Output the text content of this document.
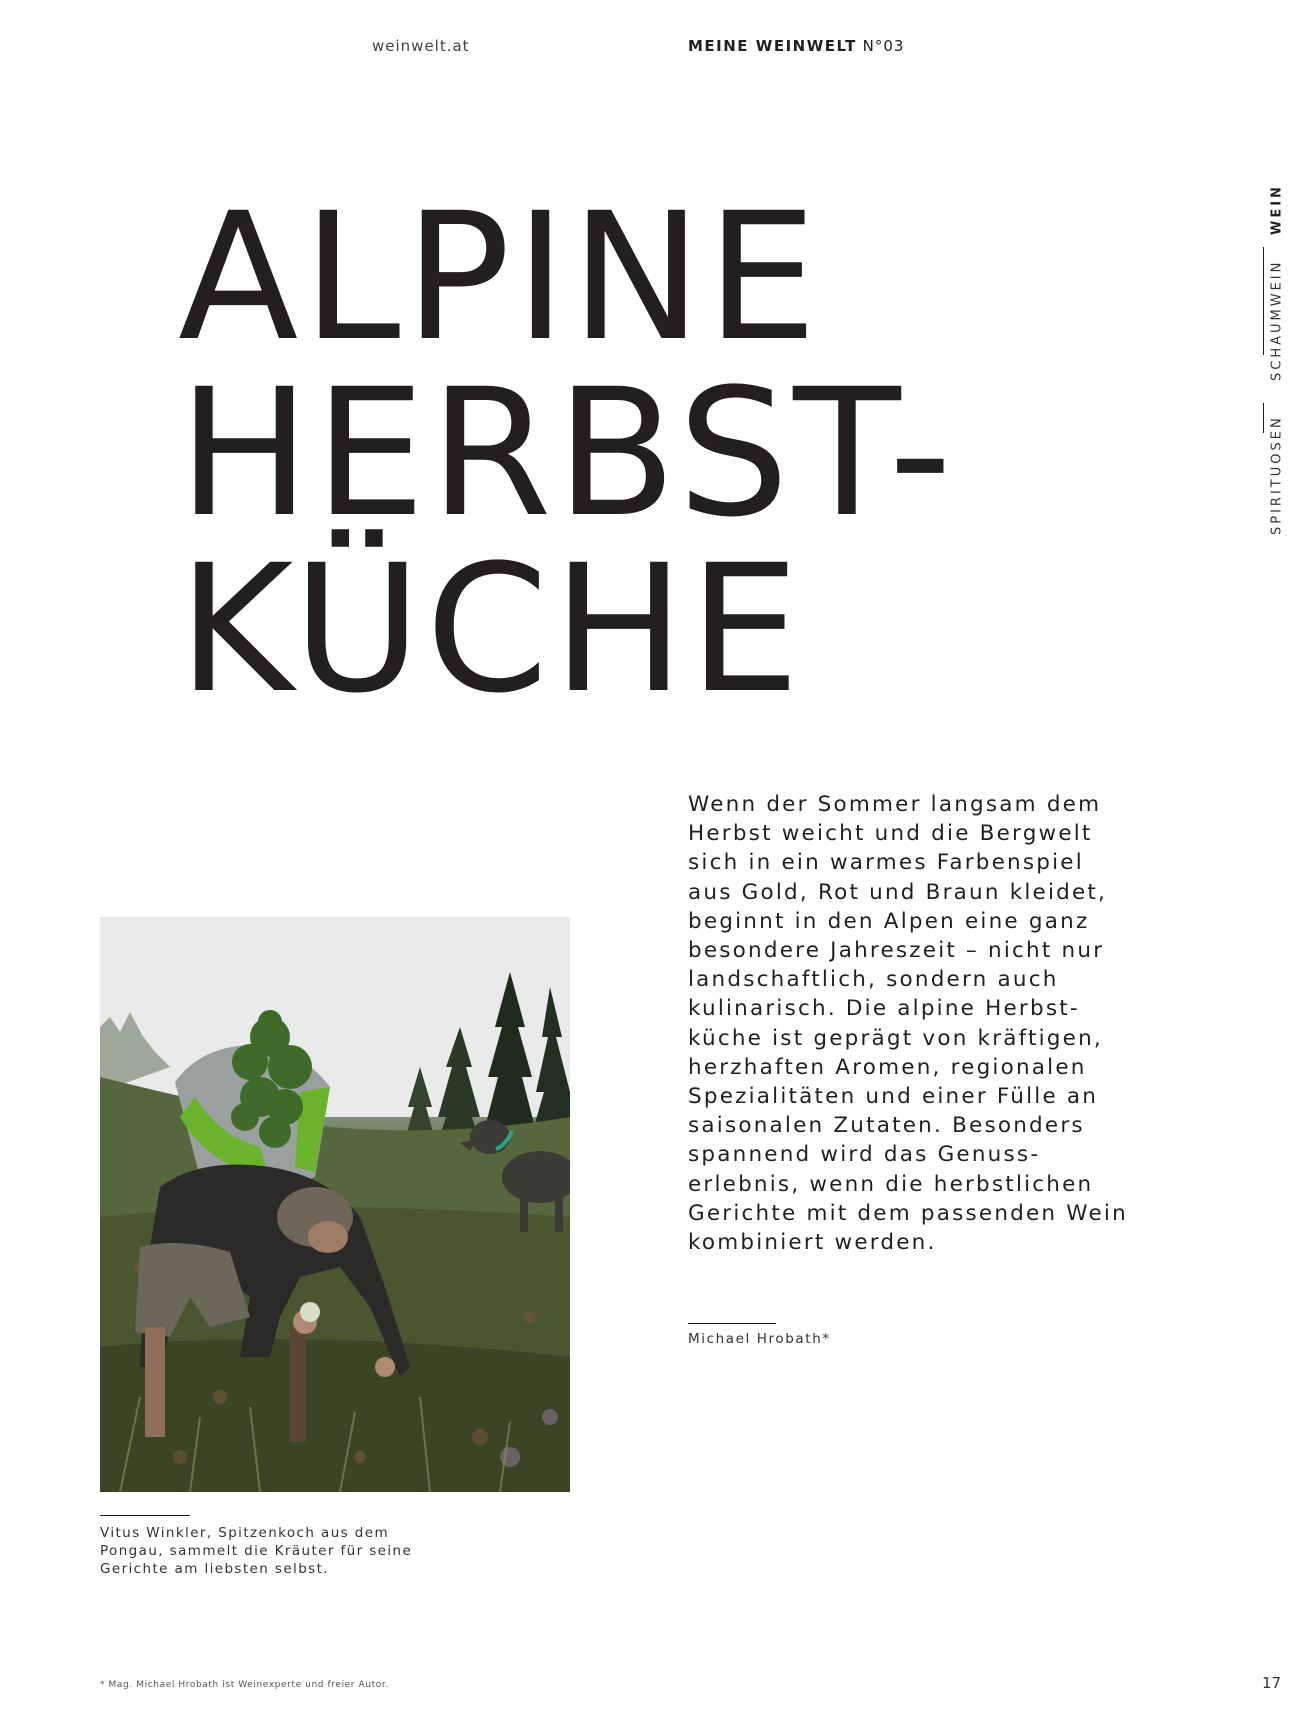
weinwelt.at	MEINE WEINWELT N°03
WEIN
SCHAUMWEIN
SPIRITUOSEN
ALPINE
HERBST-
KÜCHE

Wenn der Sommer langsam dem Herbst weicht und die Bergwelt sich in ein warmes Farbenspiel aus Gold, Rot und Braun kleidet, beginnt in den Alpen eine ganz besondere Jahreszeit – nicht nur landschaftlich, sondern auch kulinarisch. Die alpine Herbstküche ist geprägt von kräftigen, herzhaften Aromen, regionalen Spezialitäten und einer Fülle an saisonalen Zutaten. Besonders spannend wird das Genusserlebnis, wenn die herbstlichen Gerichte mit dem passenden Wein kombiniert werden.

Michael Hrobath*

Vitus Winkler, Spitzenkoch aus dem Pongau, sammelt die Kräuter für seine Gerichte am liebsten selbst.

* Mag. Michael Hrobath ist Weinexperte und freier Autor.	17
